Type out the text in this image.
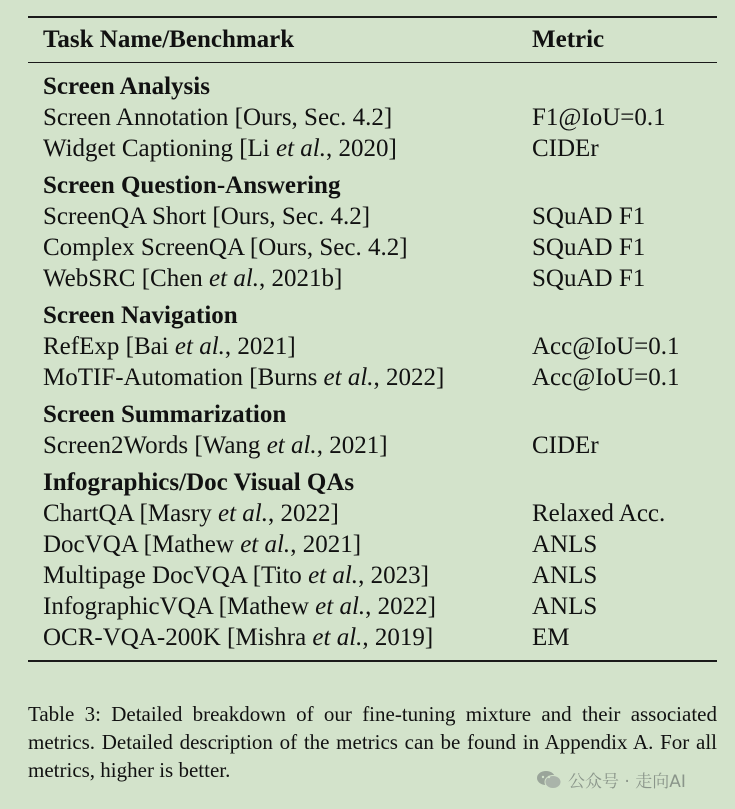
Task Name/Benchmark	Metric
Screen Analysis
Screen Annotation [Ours, Sec. 4.2]	F1@IoU=0.1
Widget Captioning [Li et al., 2020]	CIDEr
Screen Question-Answering
ScreenQA Short [Ours, Sec. 4.2]	SQuAD F1
Complex ScreenQA [Ours, Sec. 4.2]	SQuAD F1
WebSRC [Chen et al., 2021b]	SQuAD F1
Screen Navigation
RefExp [Bai et al., 2021]	Acc@IoU=0.1
MoTIF-Automation [Burns et al., 2022]	Acc@IoU=0.1
Screen Summarization
Screen2Words [Wang et al., 2021]	CIDEr
Infographics/Doc Visual QAs
ChartQA [Masry et al., 2022]	Relaxed Acc.
DocVQA [Mathew et al., 2021]	ANLS
Multipage DocVQA [Tito et al., 2023]	ANLS
InfographicVQA [Mathew et al., 2022]	ANLS
OCR-VQA-200K [Mishra et al., 2019]	EM

Table 3: Detailed breakdown of our fine-tuning mixture and their associated metrics. Detailed description of the metrics can be found in Appendix A. For all metrics, higher is better.	公众号 · 走向AI
